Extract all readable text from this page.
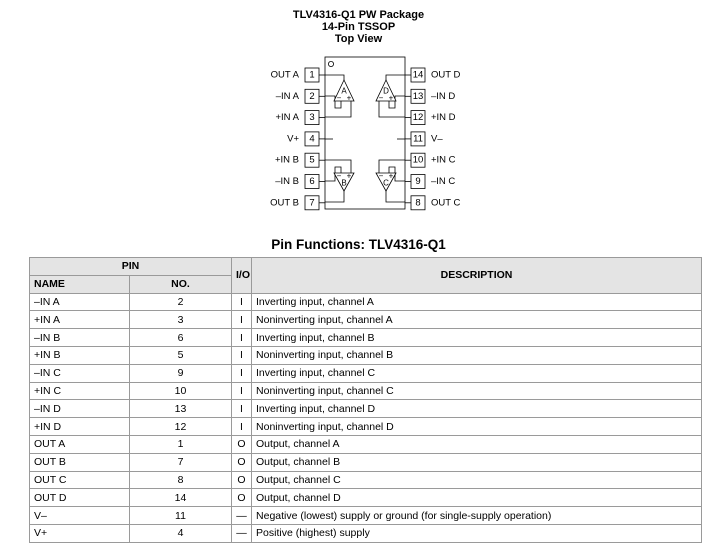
TLV4316-Q1 PW Package
14-Pin TSSOP
Top View
1
OUT A
2
–IN A
3
+IN A
4
V+
5
+IN B
6
–IN B
7
OUT B
14 OUT D
13 –IN D
12 +IN D
11 V–
10 +IN C
9 –IN C
8 OUT C
A
− +
D
− +
B
− +
C
− +
Pin Functions: TLV4316-Q1
PIN		I/O	DESCRIPTION
NAME	NO.		
–IN A	2	I	Inverting input, channel A
+IN A	3	I	Noninverting input, channel A
–IN B	6	I	Inverting input, channel B
+IN B	5	I	Noninverting input, channel B
–IN C	9	I	Inverting input, channel C
+IN C	10	I	Noninverting input, channel C
–IN D	13	I	Inverting input, channel D
+IN D	12	I	Noninverting input, channel D
OUT A	1	O	Output, channel A
OUT B	7	O	Output, channel B
OUT C	8	O	Output, channel C
OUT D	14	O	Output, channel D
V–	11	—	Negative (lowest) supply or ground (for single-supply operation)
V+	4	—	Positive (highest) supply
